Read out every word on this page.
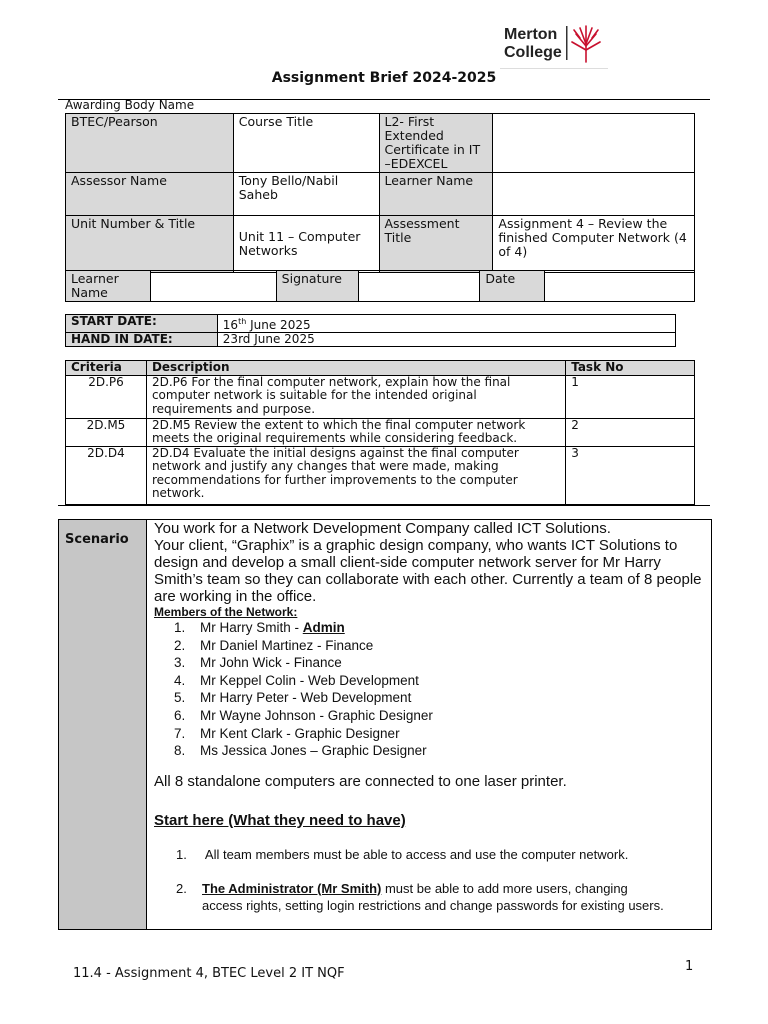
Merton
College
Assignment Brief 2024-2025
Awarding Body Name
BTEC/Pearson	Course Title	L2- First Extended Certificate in IT –EDEXCEL	
Assessor Name	Tony Bello/Nabil Saheb	Learner Name	
Unit Number & Title	Unit 11 – Computer Networks	Assessment Title	Assignment 4 – Review the finished Computer Network (4 of 4)
Learner Name		Signature		Date	
START DATE:	16th June 2025
HAND IN DATE:	23rd June 2025
Criteria	Description	Task No
2D.P6	2D.P6 For the final computer network, explain how the final computer network is suitable for the intended original requirements and purpose.	1
2D.M5	2D.M5 Review the extent to which the final computer network meets the original requirements while considering feedback.	2
2D.D4	2D.D4 Evaluate the initial designs against the final computer network and justify any changes that were made, making recommendations for further improvements to the computer network.	3
Scenario
You work for a Network Development Company called ICT Solutions.
Your client, “Graphix” is a graphic design company, who wants ICT Solutions to design and develop a small client-side computer network server for Mr Harry Smith’s team so they can collaborate with each other. Currently a team of 8 people are working in the office.
Members of the Network:
1. Mr Harry Smith - Admin
2. Mr Daniel Martinez - Finance
3. Mr John Wick - Finance
4. Mr Keppel Colin - Web Development
5. Mr Harry Peter - Web Development
6. Mr Wayne Johnson - Graphic Designer
7. Mr Kent Clark - Graphic Designer
8. Ms Jessica Jones – Graphic Designer
All 8 standalone computers are connected to one laser printer.
Start here (What they need to have)
1. All team members must be able to access and use the computer network.
2. The Administrator (Mr Smith) must be able to add more users, changing
access rights, setting login restrictions and change passwords for existing users.
1
11.4 - Assignment 4, BTEC Level 2 IT NQF
